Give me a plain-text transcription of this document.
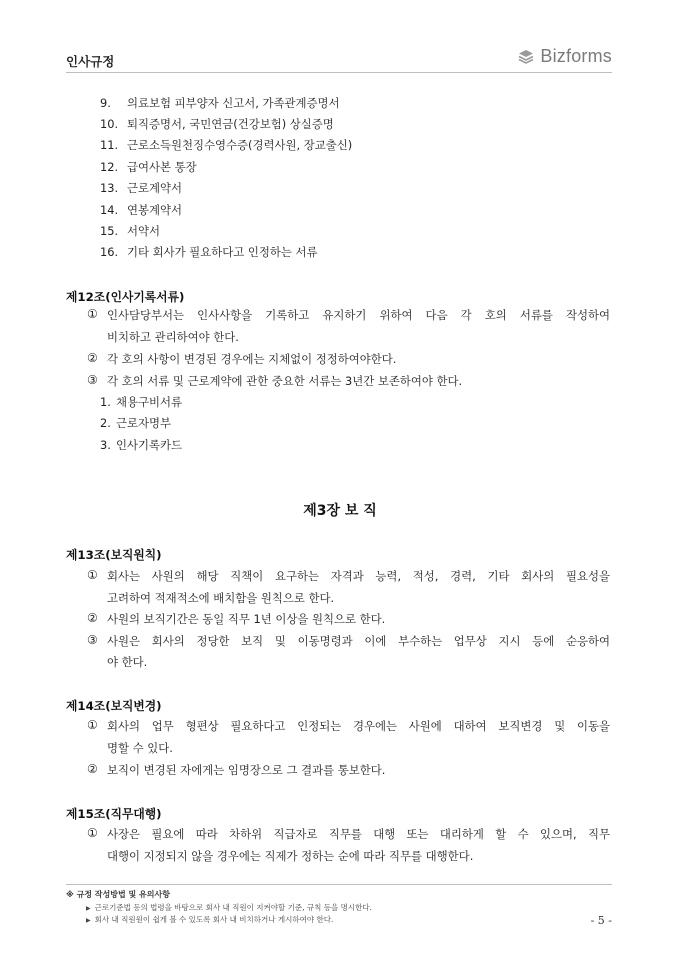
인사규정	Bizforms
9. 의료보험 피부양자 신고서, 가족관계증명서
10. 퇴직증명서, 국민연금(건강보험) 상실증명
11. 근로소득원천징수영수증(경력사원, 장교출신)
12. 급여사본 통장
13. 근로계약서
14. 연봉계약서
15. 서약서
16. 기타 회사가 필요하다고 인정하는 서류
제12조(인사기록서류)
① 인사담당부서는 인사사항을 기록하고 유지하기 위하여 다음 각 호의 서류를 작성하여
비치하고 관리하여야 한다.
② 각 호의 사항이 변경된 경우에는 지체없이 정정하여야한다.
③ 각 호의 서류 및 근로계약에 관한 중요한 서류는 3년간 보존하여야 한다.
1. 채용구비서류
2. 근로자명부
3. 인사기록카드
제3장 보 직
제13조(보직원칙)
① 회사는 사원의 해당 직책이 요구하는 자격과 능력, 적성, 경력, 기타 회사의 필요성을
고려하여 적재적소에 배치함을 원칙으로 한다.
② 사원의 보직기간은 동일 직무 1년 이상을 원칙으로 한다.
③ 사원은 회사의 정당한 보직 및 이동명령과 이에 부수하는 업무상 지시 등에 순응하여
야 한다.
제14조(보직변경)
① 회사의 업무 형편상 필요하다고 인정되는 경우에는 사원에 대하여 보직변경 및 이동을
명할 수 있다.
② 보직이 변경된 자에게는 임명장으로 그 결과를 통보한다.
제15조(직무대행)
① 사장은 필요에 따라 차하위 직급자로 직무를 대행 또는 대리하게 할 수 있으며, 직무
대행이 지정되지 않을 경우에는 직제가 정하는 순에 따라 직무를 대행한다.
※ 규정 작성방법 및 유의사항
▶ 근로기준법 등의 법령을 바탕으로 회사 내 직원이 지켜야할 기준, 규칙 등을 명시한다.
▶ 회사 내 직원원이 쉽게 볼 수 있도록 회사 내 비치하거나 게시하여야 한다.	- 5 -
